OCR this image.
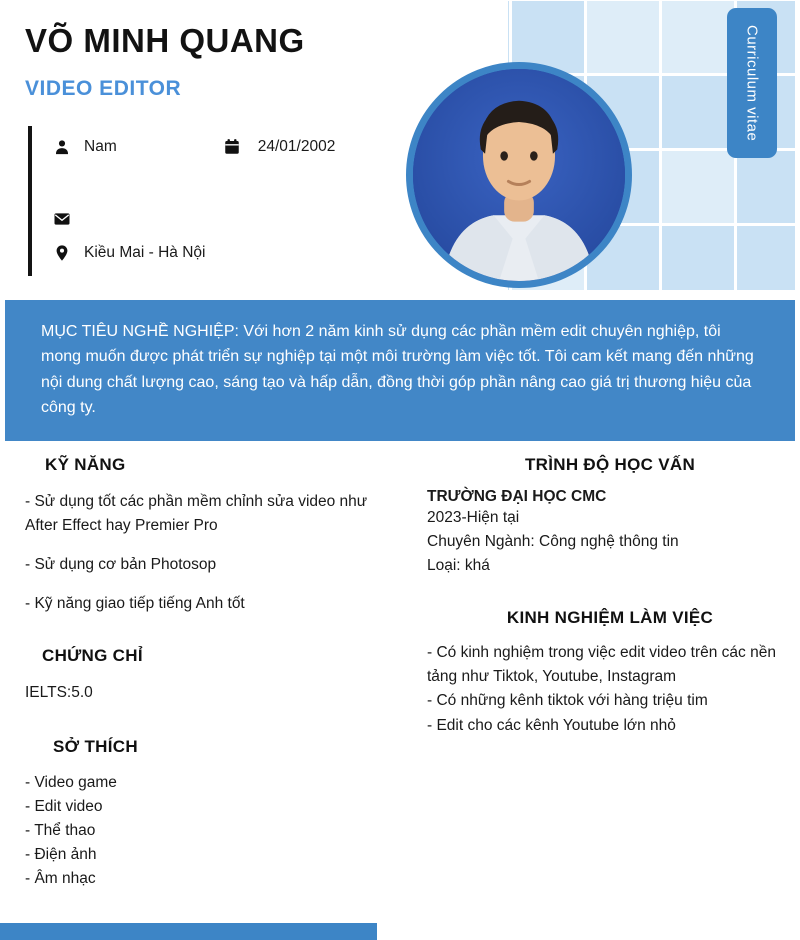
Curriculum vitae
VÕ MINH QUANG
VIDEO EDITOR
Nam	24/01/2002
Kiều Mai - Hà Nội
MỤC TIÊU NGHỀ NGHIỆP: Với hơn 2 năm kinh sử dụng các phần mềm edit chuyên nghiệp, tôi mong muốn được phát triển sự nghiệp tại một môi trường làm việc tốt. Tôi cam kết mang đến những nội dung chất lượng cao, sáng tạo và hấp dẫn, đồng thời góp phần nâng cao giá trị thương hiệu của công ty.
KỸ NĂNG

- Sử dụng tốt các phần mềm chỉnh sửa video như After Effect hay Premier Pro

- Sử dụng cơ bản Photosop

- Kỹ năng giao tiếp tiếng Anh tốt

CHỨNG CHỈ

IELTS:5.0

SỞ THÍCH

- Video game

- Edit video

- Thể thao

- Điện ảnh

- Âm nhạc

TRÌNH ĐỘ HỌC VẤN

TRƯỜNG ĐẠI HỌC CMC

2023-Hiện tại

Chuyên Ngành: Công nghệ thông tin

Loại: khá

KINH NGHIỆM LÀM VIỆC

- Có kinh nghiệm trong việc edit video trên các nền tảng như Tiktok, Youtube, Instagram

- Có những kênh tiktok với hàng triệu tim

- Edit cho các kênh Youtube lớn nhỏ
